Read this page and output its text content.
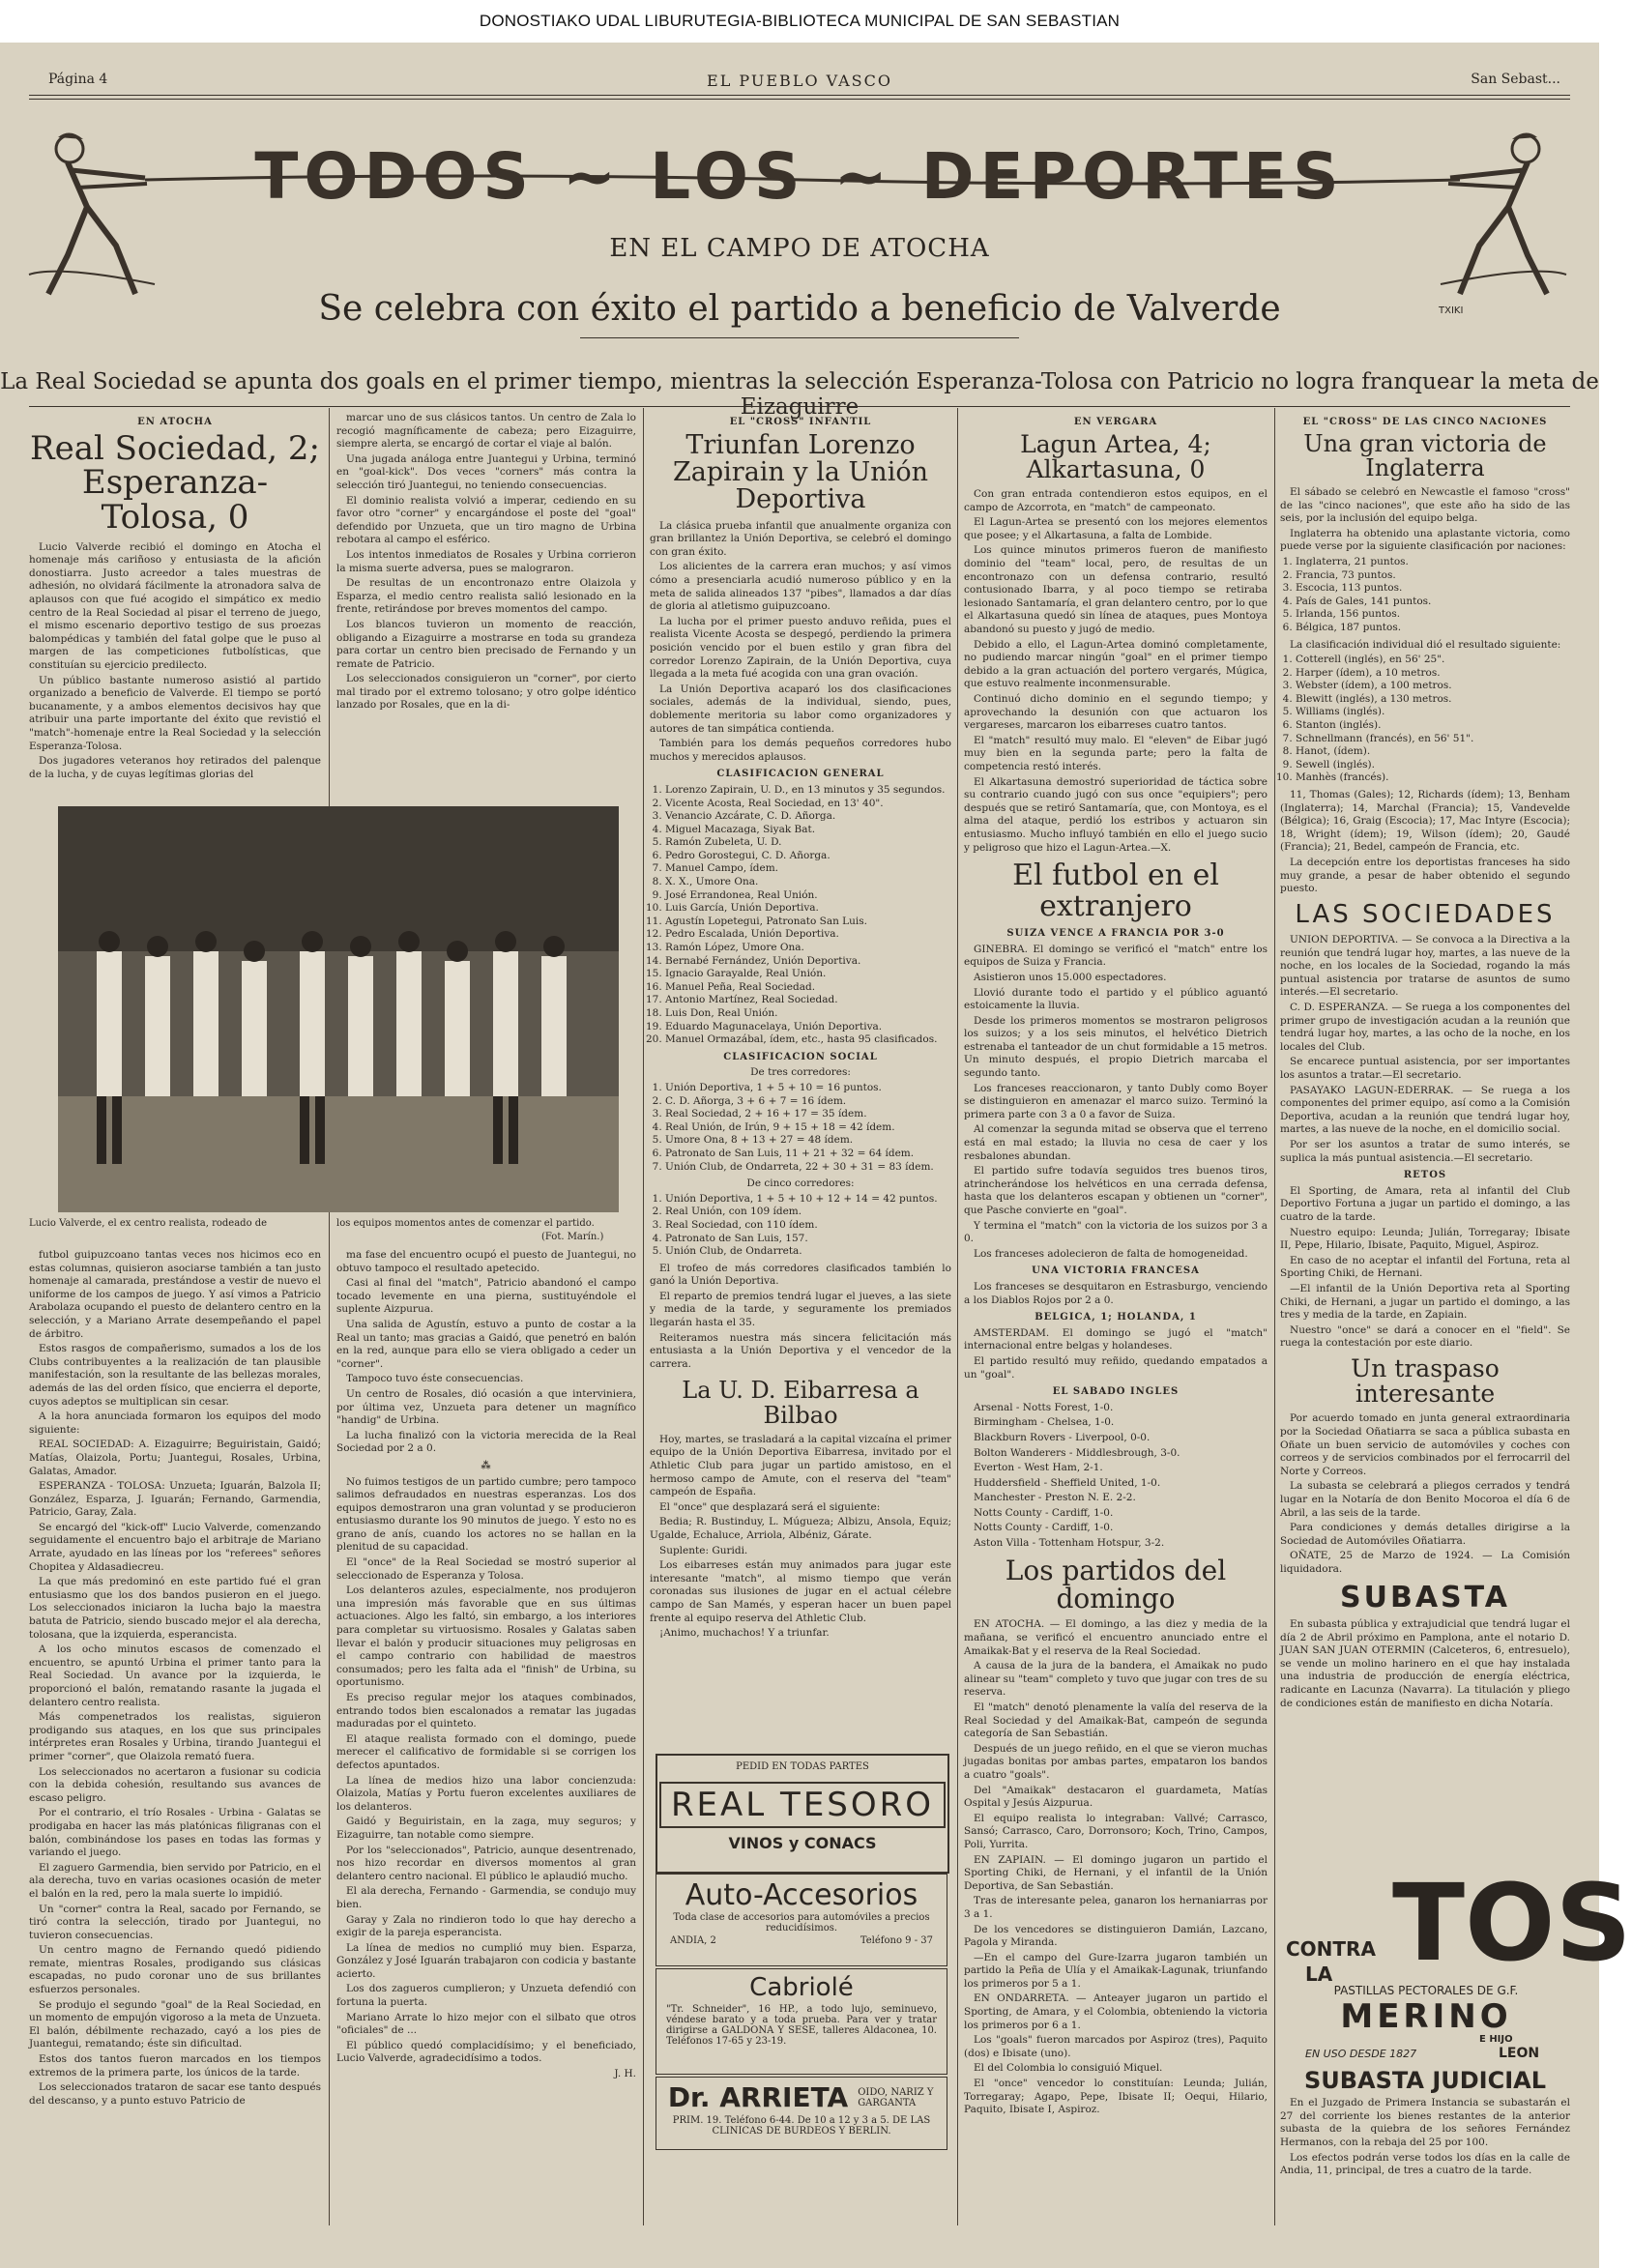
DONOSTIAKO UDAL LIBURUTEGIA-BIBLIOTECA MUNICIPAL DE SAN SEBASTIAN
Página 4	EL PUEBLO VASCO	San Sebast...
TODOS ~ LOS ~ DEPORTES
TXIKI
EN EL CAMPO DE ATOCHA
Se celebra con éxito el partido a beneficio de Valverde
La Real Sociedad se apunta dos goals en el primer tiempo, mientras la selección Esperanza-Tolosa con Patricio no logra franquear la meta de Eizaguirre

EN ATOCHA

Real Sociedad, 2; Esperanza-Tolosa, 0

Lucio Valverde recibió el domingo en Atocha el homenaje más cariñoso y entusiasta de la afición donostiarra. Justo acreedor a tales muestras de adhesión, no olvidará fácilmente la atronadora salva de aplausos con que fué acogido el simpático ex medio centro de la Real Sociedad al pisar el terreno de juego, el mismo escenario deportivo testigo de sus proezas balompédicas y también del fatal golpe que le puso al margen de las competiciones futbolísticas, que constituían su ejercicio predilecto.

Un público bastante numeroso asistió al partido organizado a beneficio de Valverde. El tiempo se portó bucanamente, y a ambos elementos decisivos hay que atribuir una parte importante del éxito que revistió el "match"-homenaje entre la Real Sociedad y la selección Esperanza-Tolosa.

Dos jugadores veteranos hoy retirados del palenque de la lucha, y de cuyas legítimas glorias del

marcar uno de sus clásicos tantos. Un centro de Zala lo recogió magníficamente de cabeza; pero Eizaguirre, siempre alerta, se encargó de cortar el viaje al balón.

Una jugada análoga entre Juantegui y Urbina, terminó en "goal-kick". Dos veces "corners" más contra la selección tiró Juantegui, no teniendo consecuencias.

El dominio realista volvió a imperar, cediendo en su favor otro "corner" y encargándose el poste del "goal" defendido por Unzueta, que un tiro magno de Urbina rebotara al campo el esférico.

Los intentos inmediatos de Rosales y Urbina corrieron la misma suerte adversa, pues se malograron.

De resultas de un encontronazo entre Olaizola y Esparza, el medio centro realista salió lesionado en la frente, retirándose por breves momentos del campo.

Los blancos tuvieron un momento de reacción, obligando a Eizaguirre a mostrarse en toda su grandeza para cortar un centro bien precisado de Fernando y un remate de Patricio.

Los seleccionados consiguieron un "corner", por cierto mal tirado por el extremo tolosano; y otro golpe idéntico lanzado por Rosales, que en la di-

Lucio Valverde, el ex centro realista, rodeado de	los equipos momentos antes de comenzar el partido.
(Fot. Marín.)

futbol guipuzcoano tantas veces nos hicimos eco en estas columnas, quisieron asociarse también a tan justo homenaje al camarada, prestándose a vestir de nuevo el uniforme de los campos de juego. Y así vimos a Patricio Arabolaza ocupando el puesto de delantero centro en la selección, y a Mariano Arrate desempeñando el papel de árbitro.

Estos rasgos de compañerismo, sumados a los de los Clubs contribuyentes a la realización de tan plausible manifestación, son la resultante de las bellezas morales, además de las del orden físico, que encierra el deporte, cuyos adeptos se multiplican sin cesar.

A la hora anunciada formaron los equipos del modo siguiente:

REAL SOCIEDAD: A. Eizaguirre; Beguiristain, Gaidó; Matías, Olaizola, Portu; Juantegui, Rosales, Urbina, Galatas, Amador.

ESPERANZA - TOLOSA: Unzueta; Iguarán, Balzola II; González, Esparza, J. Iguarán; Fernando, Garmendia, Patricio, Garay, Zala.

Se encargó del "kick-off" Lucio Valverde, comenzando seguidamente el encuentro bajo el arbitraje de Mariano Arrate, ayudado en las líneas por los "referees" señores Chopitea y Aldasadiecreu.

La que más predominó en este partido fué el gran entusiasmo que los dos bandos pusieron en el juego. Los seleccionados iniciaron la lucha bajo la maestra batuta de Patricio, siendo buscado mejor el ala derecha, tolosana, que la izquierda, esperancista.

A los ocho minutos escasos de comenzado el encuentro, se apuntó Urbina el primer tanto para la Real Sociedad. Un avance por la izquierda, le proporcionó el balón, rematando rasante la jugada el delantero centro realista.

Más compenetrados los realistas, siguieron prodigando sus ataques, en los que sus principales intérpretes eran Rosales y Urbina, tirando Juantegui el primer "corner", que Olaizola remató fuera.

Los seleccionados no acertaron a fusionar su codicia con la debida cohesión, resultando sus avances de escaso peligro.

Por el contrario, el trío Rosales - Urbina - Galatas se prodigaba en hacer las más platónicas filigranas con el balón, combinándose los pases en todas las formas y variando el juego.

El zaguero Garmendia, bien servido por Patricio, en el ala derecha, tuvo en varias ocasiones ocasión de meter el balón en la red, pero la mala suerte lo impidió.

Un "corner" contra la Real, sacado por Fernando, se tiró contra la selección, tirado por Juantegui, no tuvieron consecuencias.

Un centro magno de Fernando quedó pidiendo remate, mientras Rosales, prodigando sus clásicas escapadas, no pudo coronar uno de sus brillantes esfuerzos personales.

Se produjo el segundo "goal" de la Real Sociedad, en un momento de empujón vigoroso a la meta de Unzueta. El balón, débilmente rechazado, cayó a los pies de Juantegui, rematando; éste sin dificultad.

Estos dos tantos fueron marcados en los tiempos extremos de la primera parte, los únicos de la tarde.

Los seleccionados trataron de sacar ese tanto después del descanso, y a punto estuvo Patricio de

ma fase del encuentro ocupó el puesto de Juantegui, no obtuvo tampoco el resultado apetecido.

Casi al final del "match", Patricio abandonó el campo tocado levemente en una pierna, sustituyéndole el suplente Aizpurua.

Una salida de Agustín, estuvo a punto de costar a la Real un tanto; mas gracias a Gaidó, que penetró en balón en la red, aunque para ello se viera obligado a ceder un "corner".

Tampoco tuvo éste consecuencias.

Un centro de Rosales, dió ocasión a que interviniera, por última vez, Unzueta para detener un magnífico "handig" de Urbina.

La lucha finalizó con la victoria merecida de la Real Sociedad por 2 a 0.

⁂

No fuimos testigos de un partido cumbre; pero tampoco salimos defraudados en nuestras esperanzas. Los dos equipos demostraron una gran voluntad y se producieron entusiasmo durante los 90 minutos de juego. Y esto no es grano de anís, cuando los actores no se hallan en la plenitud de su capacidad.

El "once" de la Real Sociedad se mostró superior al seleccionado de Esperanza y Tolosa.

Los delanteros azules, especialmente, nos produjeron una impresión más favorable que en sus últimas actuaciones. Algo les faltó, sin embargo, a los interiores para completar su virtuosismo. Rosales y Galatas saben llevar el balón y producir situaciones muy peligrosas en el campo contrario con habilidad de maestros consumados; pero les falta ada el "finish" de Urbina, su oportunismo.

Es preciso regular mejor los ataques combinados, entrando todos bien escalonados a rematar las jugadas maduradas por el quinteto.

El ataque realista formado con el domingo, puede merecer el calificativo de formidable si se corrigen los defectos apuntados.

La línea de medios hizo una labor concienzuda: Olaizola, Matías y Portu fueron excelentes auxiliares de los delanteros.

Gaidó y Beguiristain, en la zaga, muy seguros; y Eizaguirre, tan notable como siempre.

Por los "seleccionados", Patricio, aunque desentrenado, nos hizo recordar en diversos momentos al gran delantero centro nacional. El público le aplaudió mucho.

El ala derecha, Fernando - Garmendia, se condujo muy bien.

Garay y Zala no rindieron todo lo que hay derecho a exigir de la pareja esperancista.

La línea de medios no cumplió muy bien. Esparza, González y José Iguarán trabajaron con codicia y bastante acierto.

Los dos zagueros cumplieron; y Unzueta defendió con fortuna la puerta.

Mariano Arrate lo hizo mejor con el silbato que otros "oficiales" de ...

El público quedó complacidísimo; y el beneficiado, Lucio Valverde, agradecidísimo a todos.

J. H.

EL "CROSS" INFANTIL

Triunfan Lorenzo Zapirain y la Unión Deportiva

La clásica prueba infantil que anualmente organiza con gran brillantez la Unión Deportiva, se celebró el domingo con gran éxito.

Los alicientes de la carrera eran muchos; y así vimos cómo a presenciarla acudió numeroso público y en la meta de salida alineados 137 "pibes", llamados a dar días de gloria al atletismo guipuzcoano.

La lucha por el primer puesto anduvo reñida, pues el realista Vicente Acosta se despegó, perdiendo la primera posición vencido por el buen estilo y gran fibra del corredor Lorenzo Zapirain, de la Unión Deportiva, cuya llegada a la meta fué acogida con una gran ovación.

La Unión Deportiva acaparó los dos clasificaciones sociales, además de la individual, siendo, pues, doblemente meritoria su labor como organizadores y autores de tan simpática contienda.

También para los demás pequeños corredores hubo muchos y merecidos aplausos.

CLASIFICACION GENERAL

1. Lorenzo Zapirain, U. D., en 13 minutos y 35 segundos.
2. Vicente Acosta, Real Sociedad, en 13' 40".
3. Venancio Azcárate, C. D. Añorga.
4. Miguel Macazaga, Siyak Bat.
5. Ramón Zubeleta, U. D.
6. Pedro Gorostegui, C. D. Añorga.
7. Manuel Campo, ídem.
8. X. X., Umore Ona.
9. José Errandonea, Real Unión.
10. Luis García, Unión Deportiva.
11. Agustín Lopetegui, Patronato San Luis.
12. Pedro Escalada, Unión Deportiva.
13. Ramón López, Umore Ona.
14. Bernabé Fernández, Unión Deportiva.
15. Ignacio Garayalde, Real Unión.
16. Manuel Peña, Real Sociedad.
17. Antonio Martínez, Real Sociedad.
18. Luis Don, Real Unión.
19. Eduardo Magunacelaya, Unión Deportiva.
20. Manuel Ormazábal, ídem, etc., hasta 95 clasificados.

CLASIFICACION SOCIAL

De tres corredores:

1. Unión Deportiva, 1 + 5 + 10 = 16 puntos.
2. C. D. Añorga, 3 + 6 + 7 = 16 ídem.
3. Real Sociedad, 2 + 16 + 17 = 35 ídem.
4. Real Unión, de Irún, 9 + 15 + 18 = 42 ídem.
5. Umore Ona, 8 + 13 + 27 = 48 ídem.
6. Patronato de San Luis, 11 + 21 + 32 = 64 ídem.
7. Unión Club, de Ondarreta, 22 + 30 + 31 = 83 ídem.

De cinco corredores:

1. Unión Deportiva, 1 + 5 + 10 + 12 + 14 = 42 puntos.
2. Real Unión, con 109 ídem.
3. Real Sociedad, con 110 ídem.
4. Patronato de San Luis, 157.
5. Unión Club, de Ondarreta.

El trofeo de más corredores clasificados también lo ganó la Unión Deportiva.

El reparto de premios tendrá lugar el jueves, a las siete y media de la tarde, y seguramente los premiados llegarán hasta el 35.

Reiteramos nuestra más sincera felicitación más entusiasta a la Unión Deportiva y el vencedor de la carrera.

La U. D. Eibarresa a Bilbao

Hoy, martes, se trasladará a la capital vizcaína el primer equipo de la Unión Deportiva Eibarresa, invitado por el Athletic Club para jugar un partido amistoso, en el hermoso campo de Amute, con el reserva del "team" campeón de España.

El "once" que desplazará será el siguiente:

Bedia; R. Bustinduy, L. Múgueza; Albizu, Ansola, Equiz; Ugalde, Echaluce, Arriola, Albéniz, Gárate.

Suplente: Guridi.

Los eibarreses están muy animados para jugar este interesante "match", al mismo tiempo que verán coronadas sus ilusiones de jugar en el actual célebre campo de San Mamés, y esperan hacer un buen papel frente al equipo reserva del Athletic Club.

¡Animo, muchachos! Y a triunfar.

PEDID EN TODAS PARTES
REAL TESORO
VINOS y CONACS
Auto-Accesorios
Toda clase de accesorios para automóviles a precios reducidísimos.
ANDIA, 2	Teléfono 9 - 37
Cabriolé
"Tr. Schneider", 16 HP., a todo lujo, seminuevo, véndese barato y a toda prueba. Para ver y tratar dirigirse a GALDONA Y SESE, talleres Aldaconea, 10. Teléfonos 17-65 y 23-19.
Dr. ARRIETA OIDO, NARIZ Y GARGANTA
PRIM. 19. Teléfono 6-44. De 10 a 12 y 3 a 5. DE LAS CLINICAS DE BURDEOS Y BERLIN.

EN VERGARA

Lagun Artea, 4; Alkartasuna, 0

Con gran entrada contendieron estos equipos, en el campo de Azcorrota, en "match" de campeonato.

El Lagun-Artea se presentó con los mejores elementos que posee; y el Alkartasuna, a falta de Lombide.

Los quince minutos primeros fueron de manifiesto dominio del "team" local, pero, de resultas de un encontronazo con un defensa contrario, resultó contusionado Ibarra, y al poco tiempo se retiraba lesionado Santamaría, el gran delantero centro, por lo que el Alkartasuna quedó sin línea de ataques, pues Montoya abandonó su puesto y jugó de medio.

Debido a ello, el Lagun-Artea dominó completamente, no pudiendo marcar ningún "goal" en el primer tiempo debido a la gran actuación del portero vergarés, Múgica, que estuvo realmente inconmensurable.

Continuó dicho dominio en el segundo tiempo; y aprovechando la desunión con que actuaron los vergareses, marcaron los eibarreses cuatro tantos.

El "match" resultó muy malo. El "eleven" de Eibar jugó muy bien en la segunda parte; pero la falta de competencia restó interés.

El Alkartasuna demostró superioridad de táctica sobre su contrario cuando jugó con sus once "equipiers"; pero después que se retiró Santamaría, que, con Montoya, es el alma del ataque, perdió los estribos y actuaron sin entusiasmo. Mucho influyó también en ello el juego sucio y peligroso que hizo el Lagun-Artea.—X.

El futbol en el extranjero

SUIZA VENCE A FRANCIA POR 3-0

GINEBRA. El domingo se verificó el "match" entre los equipos de Suiza y Francia.

Asistieron unos 15.000 espectadores.

Llovió durante todo el partido y el público aguantó estoicamente la lluvia.

Desde los primeros momentos se mostraron peligrosos los suizos; y a los seis minutos, el helvético Dietrich estrenaba el tanteador de un chut formidable a 15 metros. Un minuto después, el propio Dietrich marcaba el segundo tanto.

Los franceses reaccionaron, y tanto Dubly como Boyer se distinguieron en amenazar el marco suizo. Terminó la primera parte con 3 a 0 a favor de Suiza.

Al comenzar la segunda mitad se observa que el terreno está en mal estado; la lluvia no cesa de caer y los resbalones abundan.

El partido sufre todavía seguidos tres buenos tiros, atrincherándose los helvéticos en una cerrada defensa, hasta que los delanteros escapan y obtienen un "corner", que Pasche convierte en "goal".

Y termina el "match" con la victoria de los suizos por 3 a 0.

Los franceses adolecieron de falta de homogeneidad.

UNA VICTORIA FRANCESA

Los franceses se desquitaron en Estrasburgo, venciendo a los Diablos Rojos por 2 a 0.

BELGICA, 1; HOLANDA, 1

AMSTERDAM. El domingo se jugó el "match" internacional entre belgas y holandeses.

El partido resultó muy reñido, quedando empatados a un "goal".

EL SABADO INGLES

Arsenal - Notts Forest, 1-0.

Birmingham - Chelsea, 1-0.

Blackburn Rovers - Liverpool, 0-0.

Bolton Wanderers - Middlesbrough, 3-0.

Everton - West Ham, 2-1.

Huddersfield - Sheffield United, 1-0.

Manchester - Preston N. E. 2-2.

Notts County - Cardiff, 1-0.

Notts County - Cardiff, 1-0.

Aston Villa - Tottenham Hotspur, 3-2.

Los partidos del domingo

EN ATOCHA. — El domingo, a las diez y media de la mañana, se verificó el encuentro anunciado entre el Amaikak-Bat y el reserva de la Real Sociedad.

A causa de la jura de la bandera, el Amaikak no pudo alinear su "team" completo y tuvo que jugar con tres de su reserva.

El "match" denotó plenamente la valía del reserva de la Real Sociedad y del Amaikak-Bat, campeón de segunda categoría de San Sebastián.

Después de un juego reñido, en el que se vieron muchas jugadas bonitas por ambas partes, empataron los bandos a cuatro "goals".

Del "Amaikak" destacaron el guardameta, Matías Ospital y Jesús Aizpurua.

El equipo realista lo integraban: Vallvé; Carrasco, Sansó; Carrasco, Caro, Dorronsoro; Koch, Trino, Campos, Poli, Yurrita.

EN ZAPIAIN. — El domingo jugaron un partido el Sporting Chiki, de Hernani, y el infantil de la Unión Deportiva, de San Sebastián.

Tras de interesante pelea, ganaron los hernaniarras por 3 a 1.

De los vencedores se distinguieron Damián, Lazcano, Pagola y Miranda.

—En el campo del Gure-Izarra jugaron también un partido la Peña de Ulía y el Amaikak-Lagunak, triunfando los primeros por 5 a 1.

EN ONDARRETA. — Anteayer jugaron un partido el Sporting, de Amara, y el Colombia, obteniendo la victoria los primeros por 6 a 1.

Los "goals" fueron marcados por Aspiroz (tres), Paquito (dos) e Ibisate (uno).

El del Colombia lo consiguió Miquel.

El "once" vencedor lo constituían: Leunda; Julián, Torregaray; Agapo, Pepe, Ibisate II; Oequi, Hilario, Paquito, Ibisate I, Aspiroz.

EL "CROSS" DE LAS CINCO NACIONES

Una gran victoria de Inglaterra

El sábado se celebró en Newcastle el famoso "cross" de las "cinco naciones", que este año ha sido de las seis, por la inclusión del equipo belga.

Inglaterra ha obtenido una aplastante victoria, como puede verse por la siguiente clasificación por naciones:

1. Inglaterra, 21 puntos.
2. Francia, 73 puntos.
3. Escocia, 113 puntos.
4. País de Gales, 141 puntos.
5. Irlanda, 156 puntos.
6. Bélgica, 187 puntos.

La clasificación individual dió el resultado siguiente:

1. Cotterell (inglés), en 56' 25".
2. Harper (ídem), a 10 metros.
3. Webster (ídem), a 100 metros.
4. Blewitt (inglés), a 130 metros.
5. Williams (inglés).
6. Stanton (inglés).
7. Schnellmann (francés), en 56' 51".
8. Hanot, (ídem).
9. Sewell (inglés).
10. Manhès (francés).

11, Thomas (Gales); 12, Richards (ídem); 13, Benham (Inglaterra); 14, Marchal (Francia); 15, Vandevelde (Bélgica); 16, Graig (Escocia); 17, Mac Intyre (Escocia); 18, Wright (ídem); 19, Wilson (ídem); 20, Gaudé (Francia); 21, Bedel, campeón de Francia, etc.

La decepción entre los deportistas franceses ha sido muy grande, a pesar de haber obtenido el segundo puesto.

LAS SOCIEDADES

UNION DEPORTIVA. — Se convoca a la Directiva a la reunión que tendrá lugar hoy, martes, a las nueve de la noche, en los locales de la Sociedad, rogando la más puntual asistencia por tratarse de asuntos de sumo interés.—El secretario.

C. D. ESPERANZA. — Se ruega a los componentes del primer grupo de investigación acudan a la reunión que tendrá lugar hoy, martes, a las ocho de la noche, en los locales del Club.

Se encarece puntual asistencia, por ser importantes los asuntos a tratar.—El secretario.

PASAYAKO LAGUN-EDERRAK. — Se ruega a los componentes del primer equipo, así como a la Comisión Deportiva, acudan a la reunión que tendrá lugar hoy, martes, a las nueve de la noche, en el domicilio social.

Por ser los asuntos a tratar de sumo interés, se suplica la más puntual asistencia.—El secretario.

RETOS

El Sporting, de Amara, reta al infantil del Club Deportivo Fortuna a jugar un partido el domingo, a las cuatro de la tarde.

Nuestro equipo: Leunda; Julián, Torregaray; Ibisate II, Pepe, Hilario, Ibisate, Paquito, Miguel, Aspiroz.

En caso de no aceptar el infantil del Fortuna, reta al Sporting Chiki, de Hernani.

—El infantil de la Unión Deportiva reta al Sporting Chiki, de Hernani, a jugar un partido el domingo, a las tres y media de la tarde, en Zapiain.

Nuestro "once" se dará a conocer en el "field". Se ruega la contestación por este diario.

Un traspaso interesante

Por acuerdo tomado en junta general extraordinaria por la Sociedad Oñatiarra se saca a pública subasta en Oñate un buen servicio de automóviles y coches con correos y de servicios combinados por el ferrocarril del Norte y Correos.

La subasta se celebrará a pliegos cerrados y tendrá lugar en la Notaría de don Benito Mocoroa el día 6 de Abril, a las seis de la tarde.

Para condiciones y demás detalles dirigirse a la Sociedad de Automóviles Oñatiarra.

OÑATE, 25 de Marzo de 1924. — La Comisión liquidadora.

SUBASTA

En subasta pública y extrajudicial que tendrá lugar el día 2 de Abril próximo en Pamplona, ante el notario D. JUAN SAN JUAN OTERMIN (Calceteros, 6, entresuelo), se vende un molino harinero en el que hay instalada una industria de producción de energía eléctrica, radicante en Lacunza (Navarra). La titulación y pliego de condiciones están de manifiesto en dicha Notaría.

CONTRA
LA TOS
PASTILLAS PECTORALES DE G.F.
MERINO
E HIJO
EN USO DESDE 1827	LEON
SUBASTA JUDICIAL

En el Juzgado de Primera Instancia se subastarán el 27 del corriente los bienes restantes de la anterior subasta de la quiebra de los señores Fernández Hermanos, con la rebaja del 25 por 100.

Los efectos podrán verse todos los días en la calle de Andia, 11, principal, de tres a cuatro de la tarde.
